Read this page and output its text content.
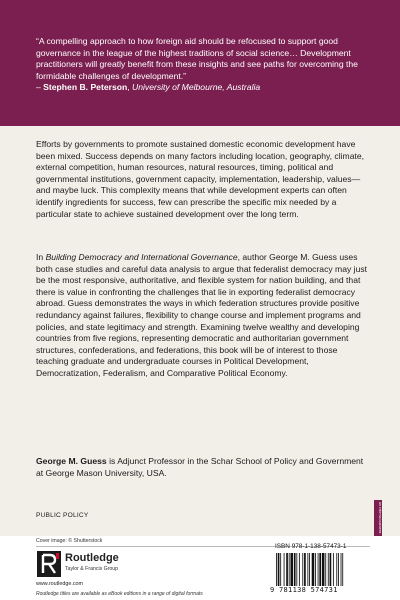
“A compelling approach to how foreign aid should be refocused to support good governance in the league of the highest traditions of social science… Development practitioners will greatly benefit from these insights and see paths for overcoming the formidable challenges of development.”
– Stephen B. Peterson, University of Melbourne, Australia

Efforts by governments to promote sustained domestic economic development have been mixed. Success depends on many factors including location, geography, climate, external competition, human resources, natural resources, timing, political and governmental institutions, government capacity, implementation, leadership, values—and maybe luck. This complexity means that while development experts can often identify ingredients for success, few can prescribe the specific mix needed by a particular state to achieve sustained development over the long term.

In Building Democracy and International Governance, author George M. Guess uses both case studies and careful data analysis to argue that federalist democracy may just be the most responsive, authoritative, and flexible system for nation building, and that there is value in confronting the challenges that lie in exporting federalist democracy abroad. Guess demonstrates the ways in which federation structures provide positive redundancy against failures, flexibility to change course and implement programs and policies, and state legitimacy and strength. Examining twelve wealthy and developing countries from five regions, representing democratic and authoritarian government structures, confederations, and federations, this book will be of interest to those teaching graduate and undergraduate courses in Political Development, Democratization, Federalism, and Comparative Political Economy.

George M. Guess is Adjunct Professor in the Schar School of Policy and Government at George Mason University, USA.

PUBLIC POLICY	an informa business
Cover image: © Shutterstock
Routledge
Taylor & Francis Group
www.routledge.com
Routledge titles are available as eBook editions in a range of digital formats
ISBN 978-1-138-57473-1
9 781138 574731
